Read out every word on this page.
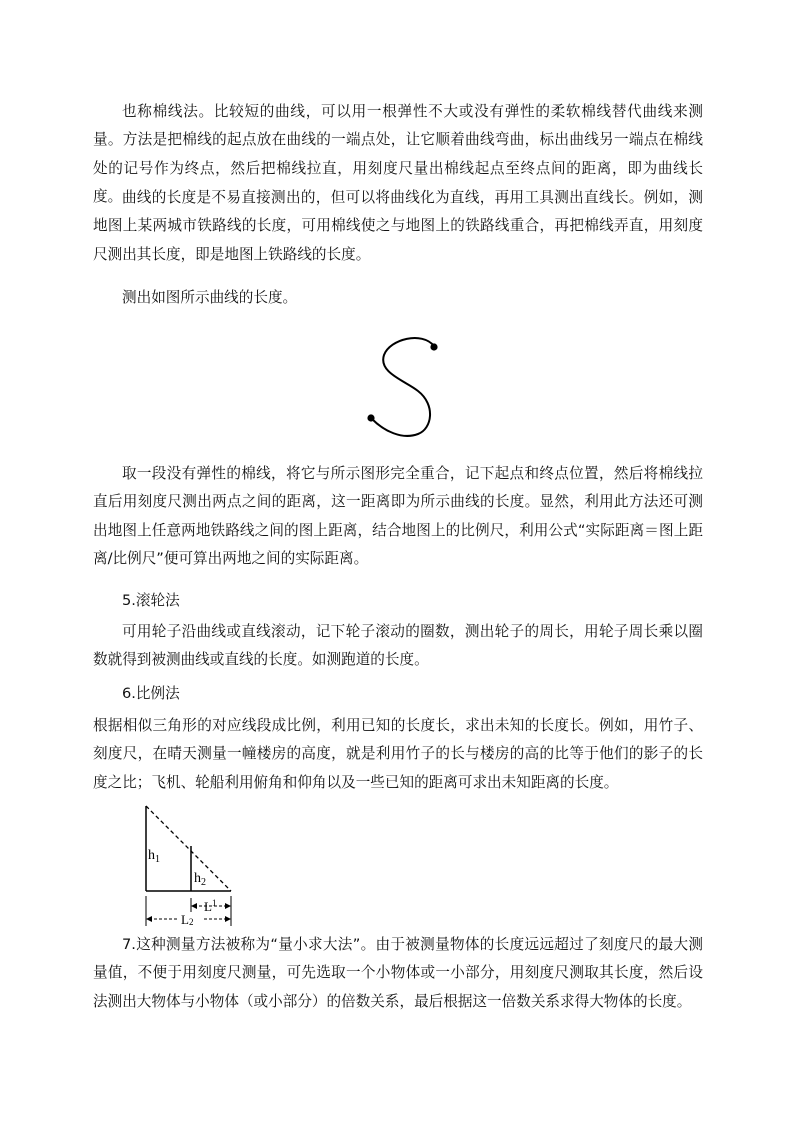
也称棉线法。比较短的曲线，可以用一根弹性不大或没有弹性的柔软棉线替代曲线来测量。方法是把棉线的起点放在曲线的一端点处，让它顺着曲线弯曲，标出曲线另一端点在棉线处的记号作为终点，然后把棉线拉直，用刻度尺量出棉线起点至终点间的距离，即为曲线长度。 曲线的长度是不易直接测出的，但可以将曲线化为直线，再用工具测出直线长。例如，测地图上某两城市铁路线的长度，可用棉线使之与地图上的铁路线重合，再把棉线弄直，用刻度尺测出其长度，即是地图上铁路线的长度。

测出如图所示曲线的长度。

取一段没有弹性的棉线，将它与所示图形完全重合，记下起点和终点位置，然后将棉线拉直后用刻度尺测出两点之间的距离，这一距离即为所示曲线的长度。显然，利用此方法还可测出地图上任意两地铁路线之间的图上距离，结合地图上的比例尺，利用公式“实际距离＝图上距离/比例尺”便可算出两地之间的实际距离。

5.滚轮法

可用轮子沿曲线或直线滚动，记下轮子滚动的圈数，测出轮子的周长，用轮子周长乘以圈数就得到被测曲线或直线的长度。如测跑道的长度。

6.比例法

根据相似三角形的对应线段成比例，利用已知的长度长，求出未知的长度长。例如，用竹子、刻度尺，在晴天测量一幢楼房的高度，就是利用竹子的长与楼房的高的比等于他们的影子的长度之比；飞机、轮船利用俯角和仰角以及一些已知的距离可求出未知距离的长度。

$h_1$
$h_2$
$L^1$
L2

7.这种测量方法被称为“量小求大法”。由于被测量物体的长度远远超过了刻度尺的最大测量值，不便于用刻度尺测量，可先选取一个小物体或一小部分，用刻度尺测取其长度，然后设法测出大物体与小物体（或小部分）的倍数关系，最后根据这一倍数关系求得大物体的长度。
